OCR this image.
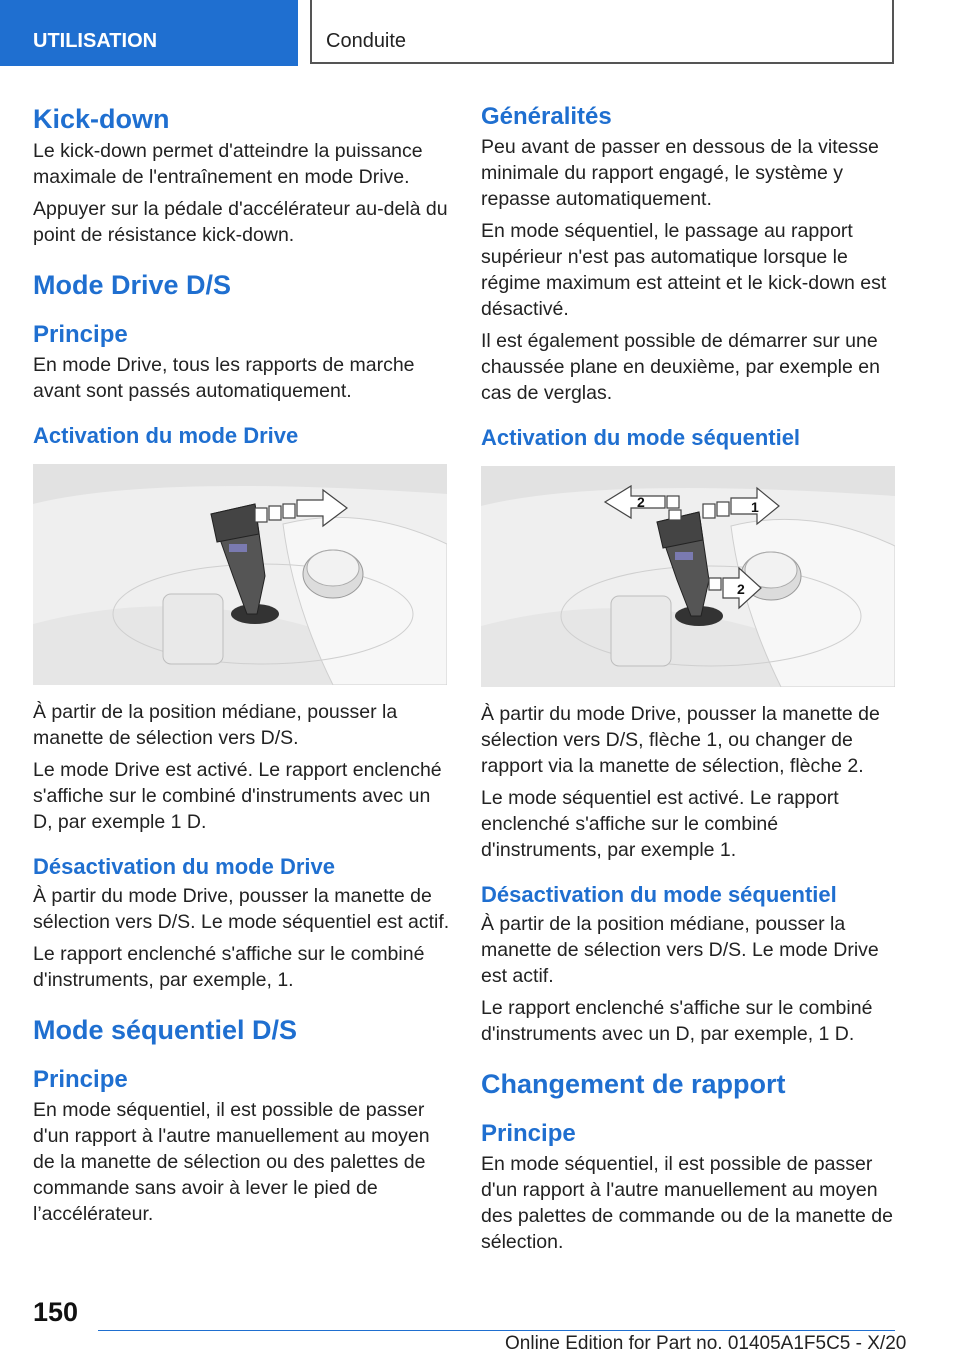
UTILISATION	Conduite
Kick-down

Le kick-down permet d'atteindre la puissance maximale de l'entraînement en mode Drive.

Appuyer sur la pédale d'accélérateur au-delà du point de résistance kick-down.

Mode Drive D/S
Principe

En mode Drive, tous les rapports de marche avant sont passés automatiquement.

Activation du mode Drive

À partir de la position médiane, pousser la manette de sélection vers D/S.

Le mode Drive est activé. Le rapport enclenché s'affiche sur le combiné d'instruments avec un D, par exemple 1 D.

Désactivation du mode Drive

À partir du mode Drive, pousser la manette de sélection vers D/S. Le mode séquentiel est actif.

Le rapport enclenché s'affiche sur le combiné d'instruments, par exemple, 1.

Mode séquentiel D/S
Principe

En mode séquentiel, il est possible de passer d'un rapport à l'autre manuellement au moyen de la manette de sélection ou des palettes de commande sans avoir à lever le pied de l’accélérateur.

Généralités

Peu avant de passer en dessous de la vitesse minimale du rapport engagé, le système y repasse automatiquement.

En mode séquentiel, le passage au rapport supérieur n'est pas automatique lorsque le régime maximum est atteint et le kick-down est désactivé.

Il est également possible de démarrer sur une chaussée plane en deuxième, par exemple en cas de verglas.

Activation du mode séquentiel
2	1
2

À partir du mode Drive, pousser la manette de sélection vers D/S, flèche 1, ou changer de rapport via la manette de sélection, flèche 2.

Le mode séquentiel est activé. Le rapport enclenché s'affiche sur le combiné d'instruments, par exemple 1.

Désactivation du mode séquentiel

À partir de la position médiane, pousser la manette de sélection vers D/S. Le mode Drive est actif.

Le rapport enclenché s'affiche sur le combiné d'instruments avec un D, par exemple, 1 D.

Changement de rapport
Principe

En mode séquentiel, il est possible de passer d'un rapport à l'autre manuellement au moyen des palettes de commande ou de la manette de sélection.

150
Online Edition for Part no. 01405A1F5C5 - X/20
